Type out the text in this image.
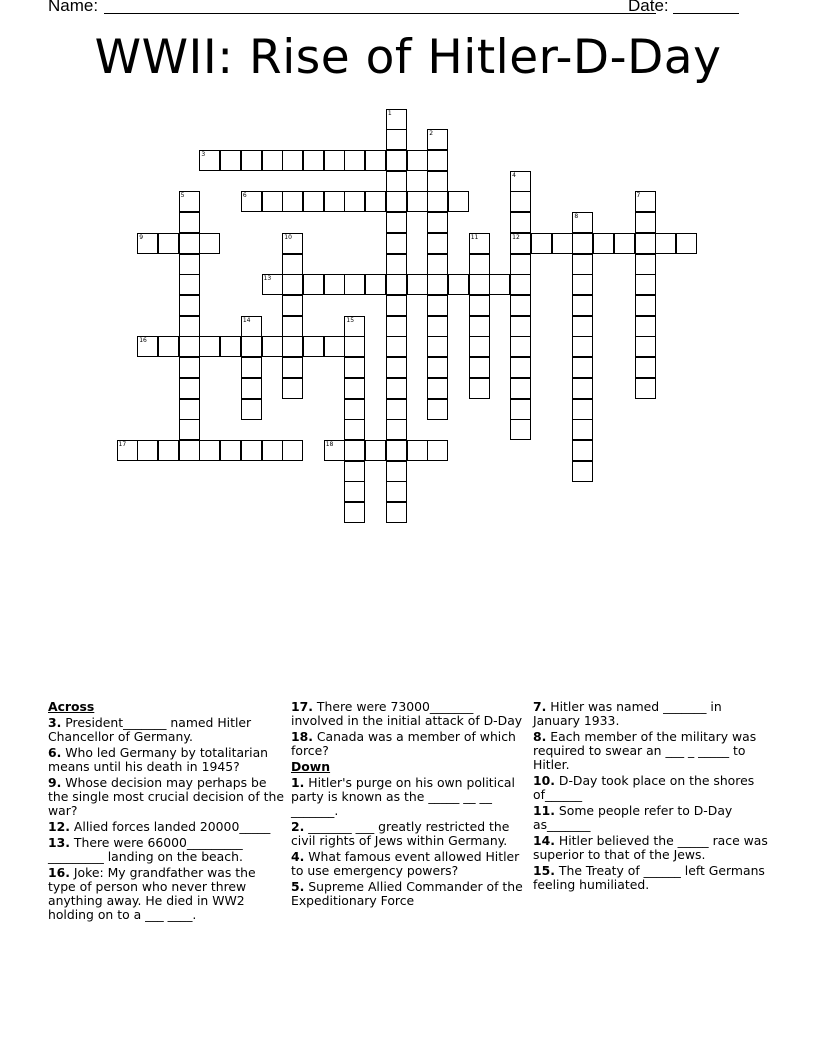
Name:	Date:
WWII: Rise of Hitler-D-Day
1
2
3
4
12
5	6	7
8
9	10	11
13
14	15
16
17	18
Across
3. President_______ named Hitler Chancellor of Germany.
6. Who led Germany by totalitarian means until his death in 1945?
9. Whose decision may perhaps be the single most crucial decision of the war?
12. Allied forces landed 20000_____
13. There were 66000_________ _________ landing on the beach.
16. Joke: My grandfather was the type of person who never threw anything away. He died in WW2 holding on to a ___ ____.
17. There were 73000_______ involved in the initial attack of D-Day
18. Canada was a member of which force?
Down
1. Hitler's purge on his own political party is known as the _____ __ __ _______.
2. _______ ___ greatly restricted the civil rights of Jews within Germany.
4. What famous event allowed Hitler to use emergency powers?
5. Supreme Allied Commander of the Expeditionary Force
7. Hitler was named _______ in January 1933.
8. Each member of the military was required to swear an ___ _ _____ to Hitler.
10. D-Day took place on the shores of______
11. Some people refer to D-Day as_______
14. Hitler believed the _____ race was superior to that of the Jews.
15. The Treaty of ______ left Germans feeling humiliated.
